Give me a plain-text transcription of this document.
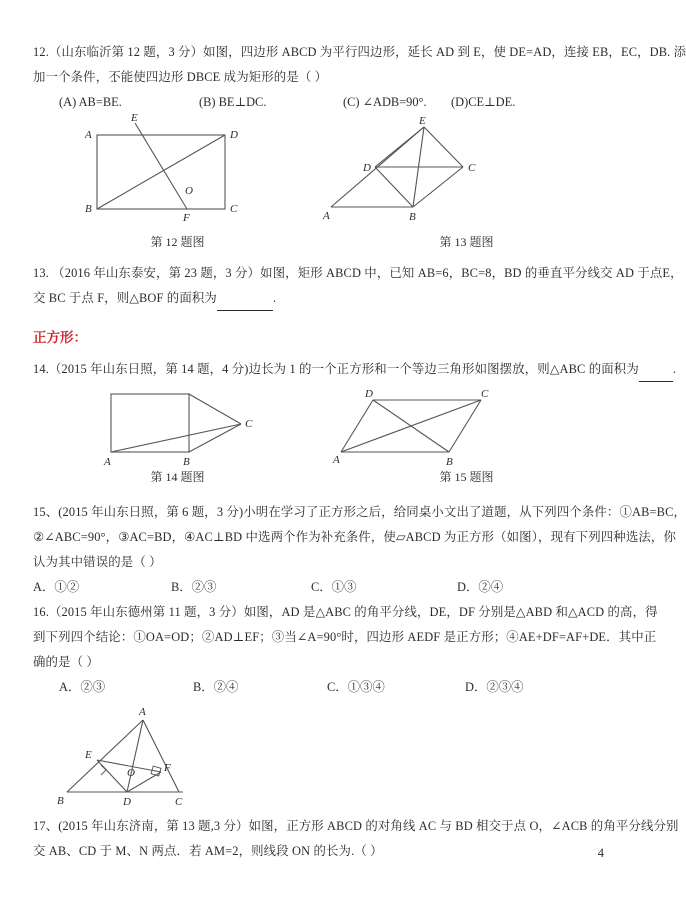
12.（山东临沂第 12 题，3 分）如图，四边形 ABCD 为平行四边形，延长 AD 到 E，使 DE=AD，连接 EB，EC，DB. 添
加一个条件，不能 ‥使四边形 DBCE 成为矩形的是（ ）
(A) AB=BE.	(B) BE⊥DC.	(C) ∠ADB=90°.	(D)CE⊥DE.
A
E
D
O
B
F
C
E
D	C
A	B
第 12 题图	第 13 题图
13. （2016 年山东泰安，第 23 题，3 分）如图，矩形 ABCD 中，已知 AB=6，BC=8，BD 的垂直平分线交 AD 于点E，
交 BC 于点 F，则△BOF 的面积为	.
正方形：
14.（2015 年山东日照，第 14 题，4 分)边长为 1 的一个正方形和一个等边三角形如图摆放，则△ABC 的面积为	.
A	B
C
D	C
A	B
第 14 题图	第 15 题图
15、(2015 年山东日照，第 6 题，3 分)小明在学习了正方形之后，给同桌小文出了道题，从下列四个条件：①AB=BC，
②∠ABC=90°，③AC=BD，④AC⊥BD 中选两个作为补充条件，使▱ABCD 为正方形（如图），现有下列四种选法，你
认为其中错误的是（ ）
A．①②	B．②③	C．①③	D．②④
16.（2015 年山东德州第 11 题，3 分）如图，AD 是△ABC 的角平分线，DE，DF 分别是△ABD 和△ACD 的高，得
到下列四个结论：①OA=OD；②AD⊥EF；③当∠A=90°时，四边形 AEDF 是正方形；④AE+DF=AF+DE．其中正
确的是（ ）
A．②③	B．②④	C．①③④	D．②③④
A
E
O	F
B	D	C
17、(2015 年山东济南，第 13 题,3 分）如图，正方形 ABCD 的对角线 AC 与 BD 相交于点 O，∠ACB 的角平分线分别
交 AB、CD 于 M、N 两点．若 AM=2，则线段 ON 的长为.（ ）	4
